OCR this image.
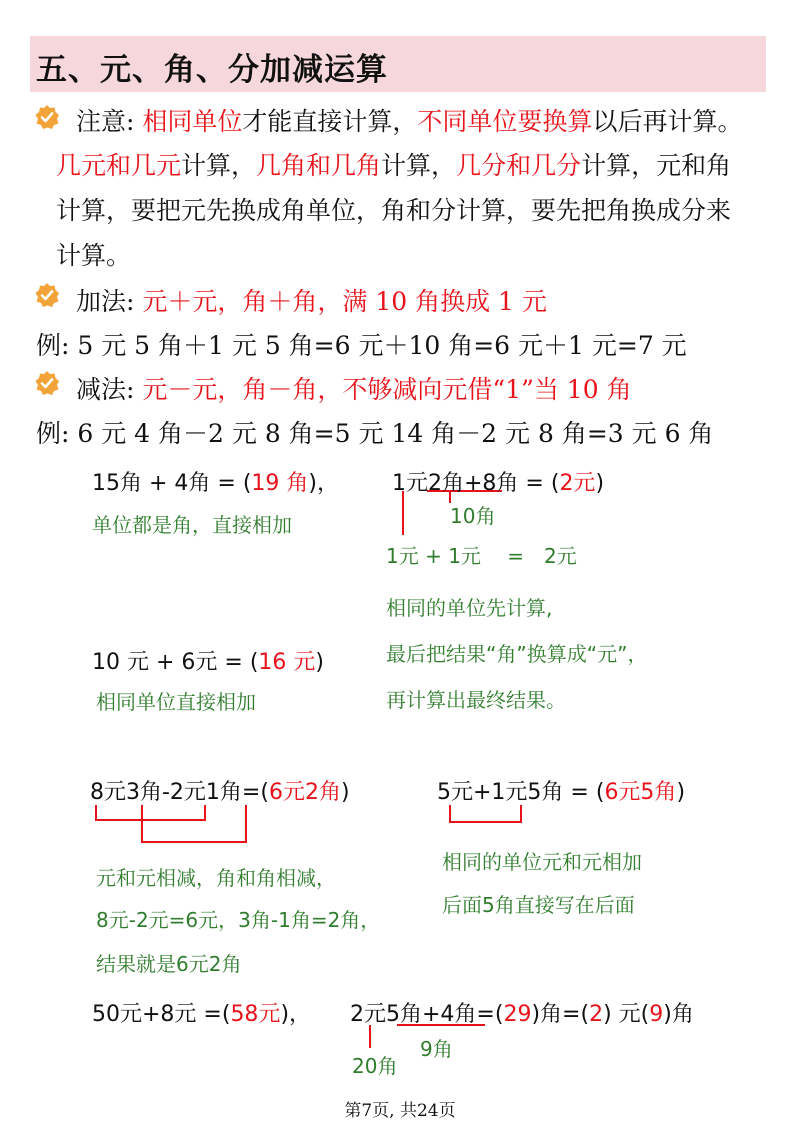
五、元、角、分加减运算
注意: 相同单位才能直接计算，不同单位要换算以后再计算。
几元和几元计算，几角和几角计算，几分和几分计算，元和角
计算，要把元先换成角单位，角和分计算，要先把角换成分来
计算。
加法: 元＋元，角＋角，满 10 角换成 1 元
例: 5 元 5 角＋1 元 5 角=6 元＋10 角=6 元＋1 元=7 元
减法: 元－元，角－角，不够减向元借“1”当 10 角
例: 6 元 4 角－2 元 8 角=5 元 14 角－2 元 8 角=3 元 6 角
15角 + 4角 = (19 角)，
单位都是角，直接相加
1元2角+8角 = (2元)
10角
1元 + 1元　 =　2元
相同的单位先计算,
最后把结果“角”换算成“元”，
再计算出最终结果。
10 元 + 6元 = (16 元)
相同单位直接相加
8元3角-2元1角=(6元2角)
元和元相减，角和角相减，
8元-2元=6元，3角-1角=2角，
结果就是6元2角
5元+1元5角 = (6元5角)
相同的单位元和元相加
后面5角直接写在后面
50元+8元 =(58元)， 2元5角+4角=(29)角=(2) 元(9)角
9角
20角
第7页, 共24页
